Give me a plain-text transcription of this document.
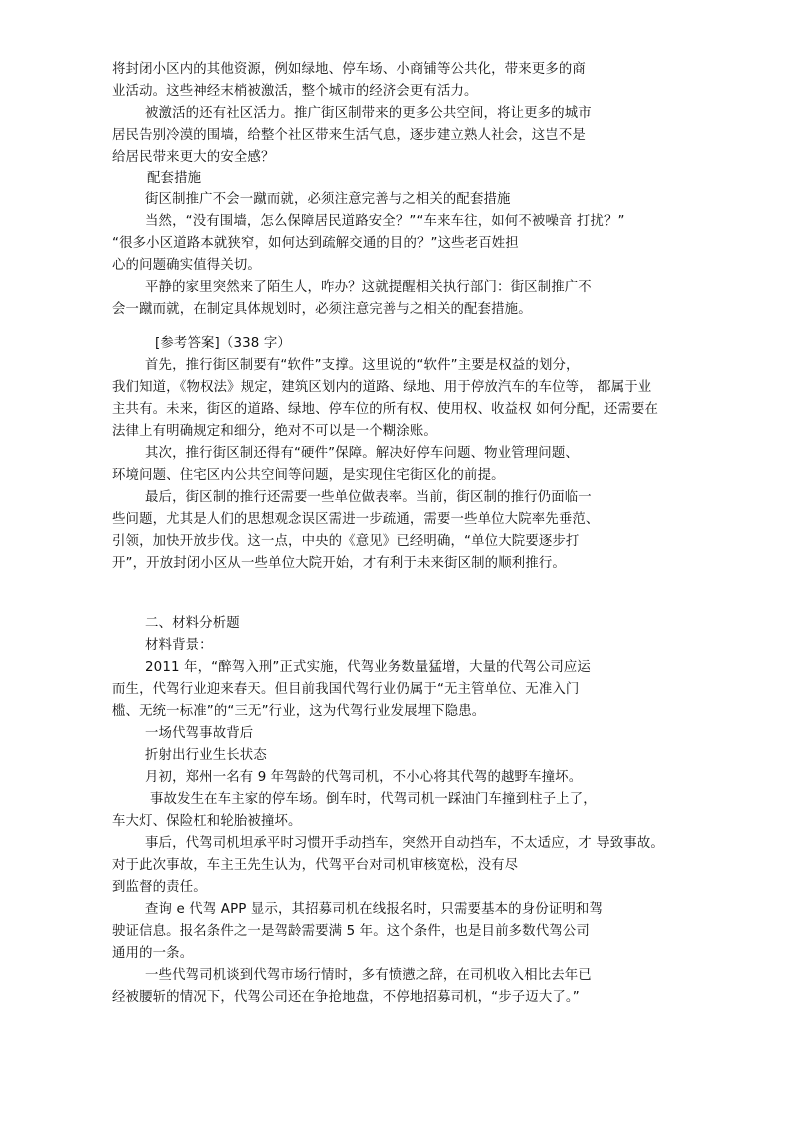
将封闭小区内的其他资源，例如绿地、停车场、小商铺等公共化，带来更多的商

业活动。这些神经末梢被激活，整个城市的经济会更有活力。

被激活的还有社区活力。推广街区制带来的更多公共空间，将让更多的城市

居民告别冷漠的围墙，给整个社区带来生活气息，逐步建立熟人社会，这岂不是

给居民带来更大的安全感？

配套措施

街区制推广不会一蹴而就，必须注意完善与之相关的配套措施

当然，“没有围墙，怎么保障居民道路安全？”“车来车往，如何不被噪音 打扰？”

“很多小区道路本就狭窄，如何达到疏解交通的目的？”这些老百姓担

心的问题确实值得关切。

平静的家里突然来了陌生人，咋办？这就提醒相关执行部门：街区制推广不

会一蹴而就，在制定具体规划时，必须注意完善与之相关的配套措施。

[参考答案]（338 字）

首先，推行街区制要有“软件”支撑。这里说的“软件”主要是权益的划分，

我们知道，《物权法》规定，建筑区划内的道路、绿地、用于停放汽车的车位等， 都属于业

主共有。未来，街区的道路、绿地、停车位的所有权、使用权、收益权 如何分配，还需要在

法律上有明确规定和细分，绝对不可以是一个糊涂账。

其次，推行街区制还得有“硬件”保障。解决好停车问题、物业管理问题、

环境问题、住宅区内公共空间等问题，是实现住宅街区化的前提。

最后，街区制的推行还需要一些单位做表率。当前，街区制的推行仍面临一

些问题，尤其是人们的思想观念误区需进一步疏通，需要一些单位大院率先垂范、

引领，加快开放步伐。这一点，中央的《意见》已经明确，“单位大院要逐步打

开”，开放封闭小区从一些单位大院开始，才有利于未来街区制的顺利推行。

二、材料分析题

材料背景：

2011 年，“醉驾入刑”正式实施，代驾业务数量猛增，大量的代驾公司应运

而生，代驾行业迎来春天。但目前我国代驾行业仍属于“无主管单位、无准入门

槛、无统一标准”的“三无”行业，这为代驾行业发展埋下隐患。

一场代驾事故背后

折射出行业生长状态

月初，郑州一名有 9 年驾龄的代驾司机，不小心将其代驾的越野车撞坏。

事故发生在车主家的停车场。倒车时，代驾司机一踩油门车撞到柱子上了，

车大灯、保险杠和轮胎被撞坏。

事后，代驾司机坦承平时习惯开手动挡车，突然开自动挡车，不太适应，才 导致事故。

对于此次事故，车主王先生认为，代驾平台对司机审核宽松，没有尽

到监督的责任。

查询 e 代驾 APP 显示，其招募司机在线报名时，只需要基本的身份证明和驾

驶证信息。报名条件之一是驾龄需要满 5 年。这个条件，也是目前多数代驾公司

通用的一条。

一些代驾司机谈到代驾市场行情时，多有愤懑之辞，在司机收入相比去年已

经被腰斩的情况下，代驾公司还在争抢地盘，不停地招募司机，“步子迈大了。”
